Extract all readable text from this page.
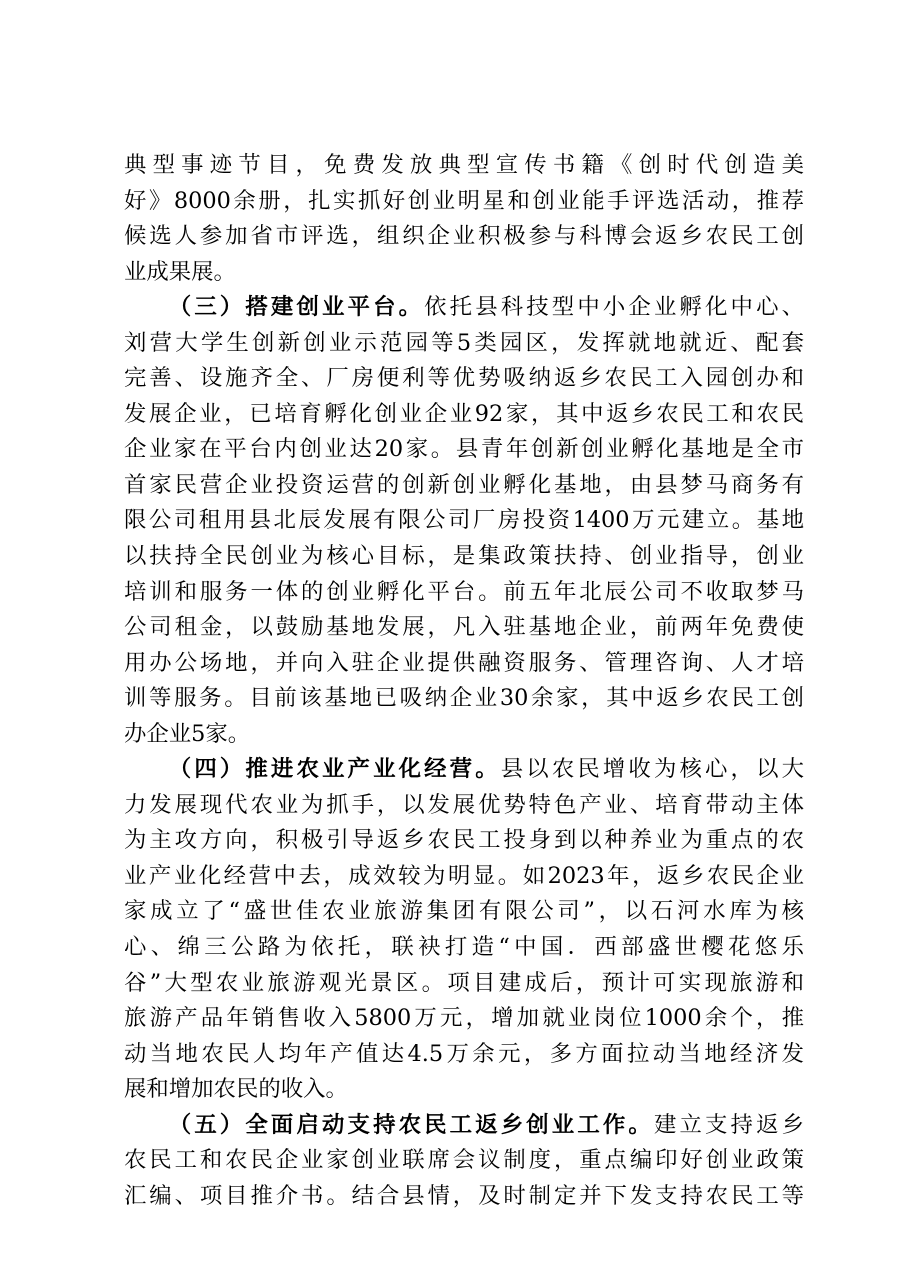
典型事迹节目，免费发放典型宣传书籍《创时代创造美
好》8000余册，扎实抓好创业明星和创业能手评选活动，推荐
候选人参加省市评选，组织企业积极参与科博会返乡农民工创
业成果展。
（三）搭建创业平台。依托县科技型中小企业孵化中心、
刘营大学生创新创业示范园等5类园区，发挥就地就近、配套
完善、设施齐全、厂房便利等优势吸纳返乡农民工入园创办和
发展企业，已培育孵化创业企业92家，其中返乡农民工和农民
企业家在平台内创业达20家。县青年创新创业孵化基地是全市
首家民营企业投资运营的创新创业孵化基地，由县梦马商务有
限公司租用县北辰发展有限公司厂房投资1400万元建立。基地
以扶持全民创业为核心目标，是集政策扶持、创业指导，创业
培训和服务一体的创业孵化平台。前五年北辰公司不收取梦马
公司租金，以鼓励基地发展，凡入驻基地企业，前两年免费使
用办公场地，并向入驻企业提供融资服务、管理咨询、人才培
训等服务。目前该基地已吸纳企业30余家，其中返乡农民工创
办企业5家。
（四）推进农业产业化经营。县以农民增收为核心，以大
力发展现代农业为抓手，以发展优势特色产业、培育带动主体
为主攻方向，积极引导返乡农民工投身到以种养业为重点的农
业产业化经营中去，成效较为明显。如2023年，返乡农民企业
家成立了“盛世佳农业旅游集团有限公司”，以石河水库为核
心、绵三公路为依托，联袂打造“中国．西部盛世樱花悠乐
谷”大型农业旅游观光景区。项目建成后，预计可实现旅游和
旅游产品年销售收入5800万元，增加就业岗位1000余个，推
动当地农民人均年产值达4.5万余元，多方面拉动当地经济发
展和增加农民的收入。
（五）全面启动支持农民工返乡创业工作。建立支持返乡
农民工和农民企业家创业联席会议制度，重点编印好创业政策
汇编、项目推介书。结合县情，及时制定并下发支持农民工等
